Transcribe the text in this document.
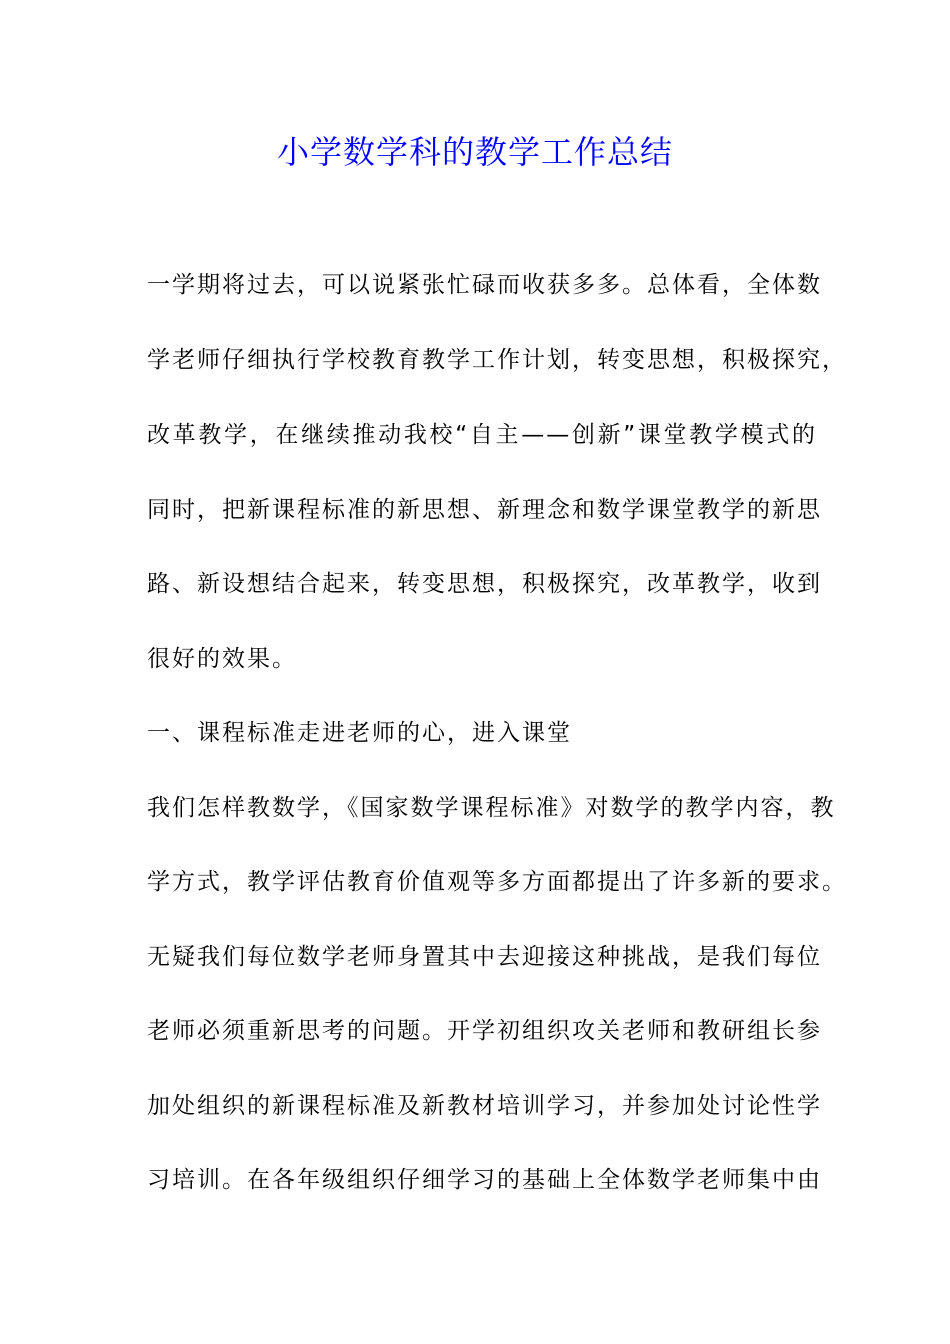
小学数学科的教学工作总结

一学期将过去，可以说紧张忙碌而收获多多。总体看，全体数

学老师仔细执行学校教育教学工作计划，转变思想，积极探究，

改革教学，在继续推动我校“自主——创新”课堂教学模式的

同时，把新课程标准的新思想、新理念和数学课堂教学的新思

路、新设想结合起来，转变思想，积极探究，改革教学，收到

很好的效果。

一、课程标准走进老师的心，进入课堂

我们怎样教数学，《国家数学课程标准》对数学的教学内容，教

学方式，教学评估教育价值观等多方面都提出了许多新的要求。

无疑我们每位数学老师身置其中去迎接这种挑战，是我们每位

老师必须重新思考的问题。开学初组织攻关老师和教研组长参

加处组织的新课程标准及新教材培训学习，并参加处讨论性学

习培训。在各年级组织仔细学习的基础上全体数学老师集中由
